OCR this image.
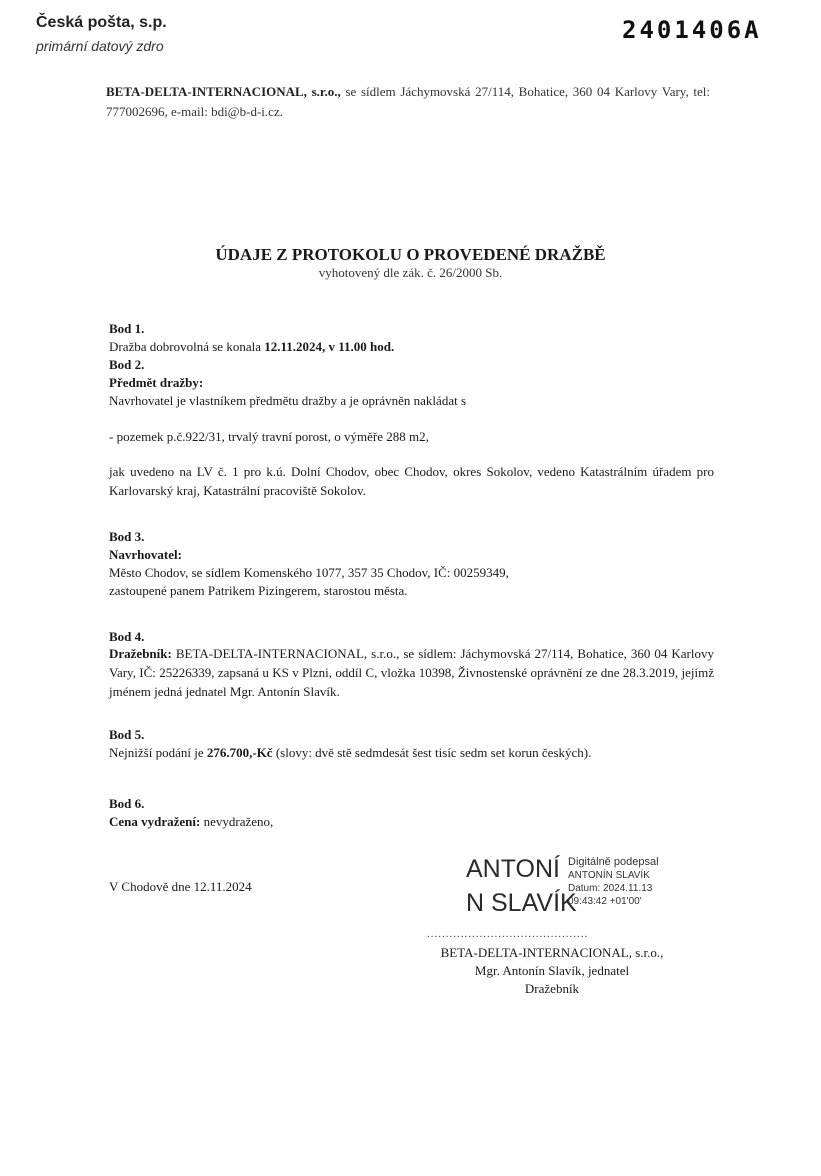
Česká pošta, s.p.
primární datový zdro
2401406A
BETA-DELTA-INTERNACIONAL, s.r.o., se sídlem Jáchymovská 27/114, Bohatice, 360 04 Karlovy Vary, tel: 777002696, e-mail: bdi@b-d-i.cz.
ÚDAJE Z PROTOKOLU O PROVEDENÉ DRAŽBĚ
vyhotovený dle zák. č. 26/2000 Sb.
Bod 1.
Dražba dobrovolná se konala 12.11.2024, v 11.00 hod.
Bod 2.
Předmět dražby:
Navrhovatel je vlastníkem předmětu dražby a je oprávněn nakládat s
- pozemek p.č.922/31, trvalý travní porost, o výměře 288 m2,
jak uvedeno na LV č. 1 pro k.ú. Dolní Chodov, obec Chodov, okres Sokolov, vedeno Katastrálním úřadem pro Karlovarský kraj, Katastrální pracoviště Sokolov.
Bod 3.
Navrhovatel:
Město Chodov, se sídlem Komenského 1077, 357 35 Chodov, IČ: 00259349,
zastoupené panem Patrikem Pizingerem, starostou města.
Bod 4.
Dražebník: BETA-DELTA-INTERNACIONAL, s.r.o., se sídlem: Jáchymovská 27/114, Bohatice, 360 04 Karlovy Vary, IČ: 25226339, zapsaná u KS v Plzni, oddíl C, vložka 10398, Živnostenské oprávnění ze dne 28.3.2019, jejímž jménem jedná jednatel Mgr. Antonín Slavík.
Bod 5.
Nejnižší podání je 276.700,-Kč (slovy: dvě stě sedmdesát šest tisíc sedm set korun českých).
Bod 6.
Cena vydražení: nevydraženo,
V Chodově dne 12.11.2024
ANTONÍ
N SLAVÍK
Digitálně podepsal
ANTONÍN SLAVÍK
Datum: 2024.11.13
09:43:42 +01'00'
...........................................
BETA-DELTA-INTERNACIONAL, s.r.o.,
Mgr. Antonín Slavík, jednatel
Dražebník
